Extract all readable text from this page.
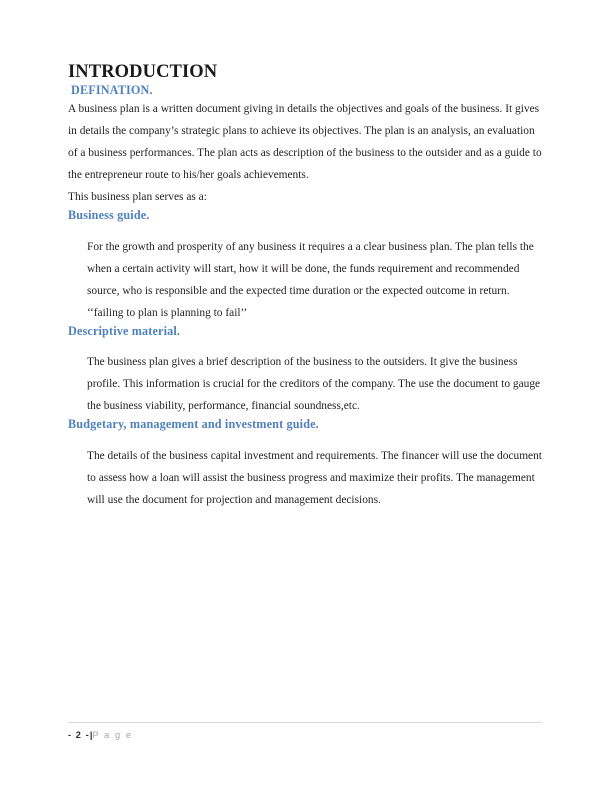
INTRODUCTION
DEFINATION.

A business plan is a written document giving in details the objectives and goals of the business. It gives in details the company’s strategic plans to achieve its objectives. The plan is an analysis, an evaluation of a business performances. The plan acts as description of the business to the outsider and as a guide to the entrepreneur route to his/her goals achievements.

This business plan serves as a:

Business guide.

For the growth and prosperity of any business it requires a a clear business plan. The plan tells the when a certain activity will start, how it will be done, the funds requirement and recommended source, who is responsible and the expected time duration or the expected outcome in return. ‘‘failing to plan is planning to fail’’

Descriptive material.

The business plan gives a brief description of the business to the outsiders. It give the business profile. This information is crucial for the creditors of the company. The use the document to gauge the business viability, performance, financial soundness,etc.

Budgetary, management and investment guide.

The details of the business capital investment and requirements. The financer will use the document to assess how a loan will assist the business progress and maximize their profits. The management will use the document for projection and management decisions.

- 2 -|P a g e
